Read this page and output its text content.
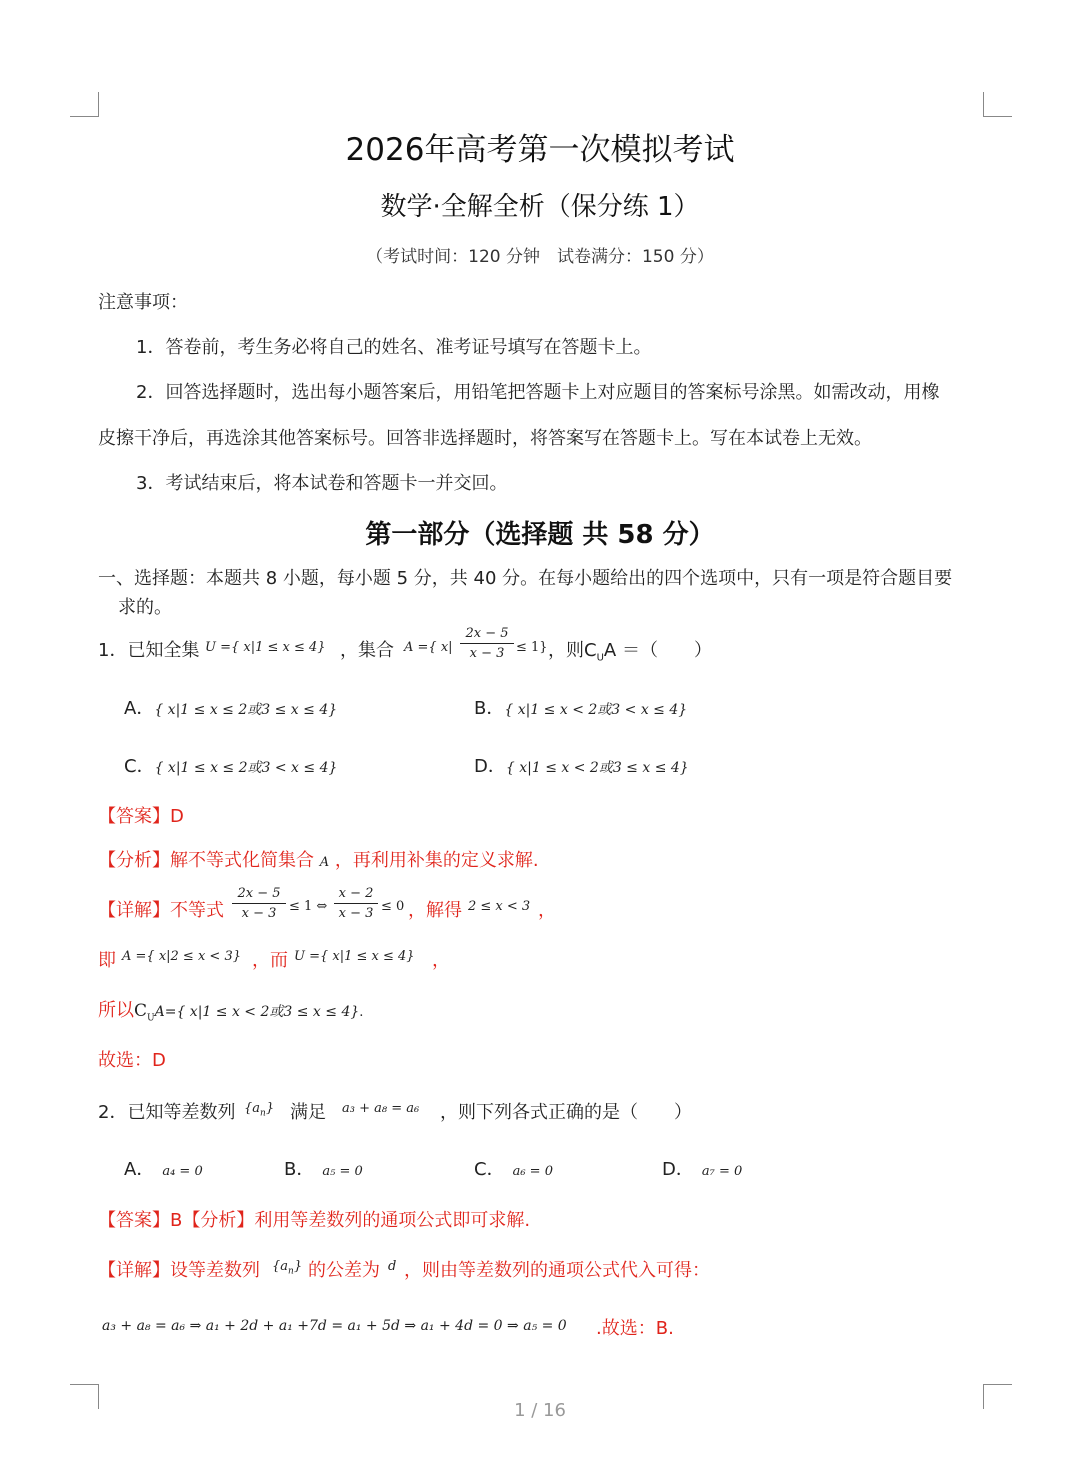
2026年高考第一次模拟考试
数学·全解全析（保分练 1）
（考试时间：120 分钟　试卷满分：150 分）
注意事项：
1．答卷前，考生务必将自己的姓名、准考证号填写在答题卡上。
2．回答选择题时，选出每小题答案后，用铅笔把答题卡上对应题目的答案标号涂黑。如需改动，用橡
皮擦干净后，再选涂其他答案标号。回答非选择题时，将答案写在答题卡上。写在本试卷上无效。
3．考试结束后，将本试卷和答题卡一并交回。
第一部分（选择题 共 58 分）
一、选择题：本题共 8 小题，每小题 5 分，共 40 分。在每小题给出的四个选项中，只有一项是符合题目要
求的。
1．已知全集 U ={ x|1 ≤ x ≤ 4} ，集合 A ={ x|
2x − 5
x − 3 ≤ 1} ，则 $C_UA$ ＝（　　）
A．{ x|1 ≤ x ≤ 2或3 ≤ x ≤ 4}	B．{ x|1 ≤ x < 2或3 < x ≤ 4}
C．{ x|1 ≤ x ≤ 2或3 < x ≤ 4}	D．{ x|1 ≤ x < 2或3 ≤ x ≤ 4}
【答案】D
【分析】解不等式化简集合 A ，再利用补集的定义求解.
【详解】不等式
2x − 5
x − 3 ≤ 1 ⇔
x − 2
x − 3 ≤ 0 ，解得 2 ≤ x < 3 ，
即 A ={ x|2 ≤ x < 3} ，而 U ={ x|1 ≤ x ≤ 4} ，
所以$C_UA=${ x|1 ≤ x < 2或3 ≤ x ≤ 4}.
故选：D
2．已知等差数列 $\{a_n\}$ 满足 a₃ + a₈ = a₆ ，则下列各式正确的是（　　）
A． a₄ = 0	B． a₅ = 0	C． a₆ = 0	D． a₇ = 0
【答案】B【分析】利用等差数列的通项公式即可求解.
【详解】设等差数列 $\{a_n\}$ 的公差为 d ，则由等差数列的通项公式代入可得：
a₃ + a₈ = a₆ ⇒ a₁ + 2d + a₁ +7d = a₁ + 5d ⇒ a₁ + 4d = 0 ⇒ a₅ = 0 .故选：B.
1 / 16
